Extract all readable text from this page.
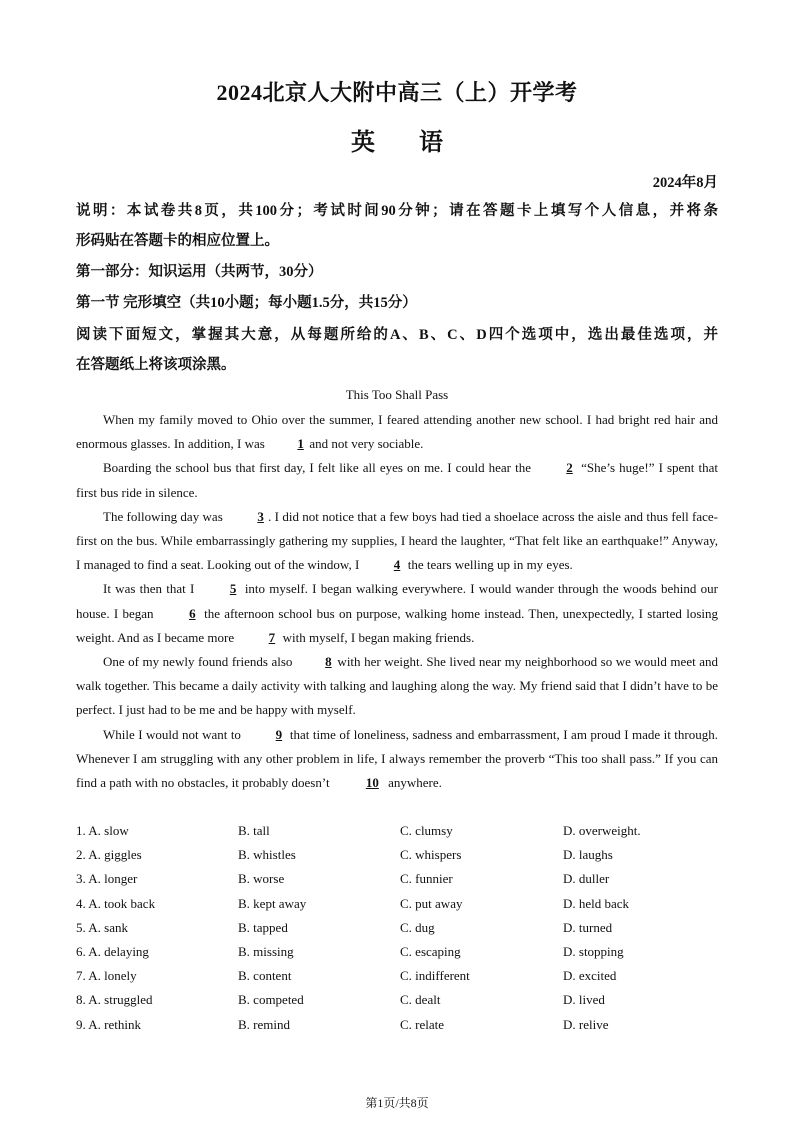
2024北京人大附中高三（上）开学考
英 语
2024年8月
说明：本试卷共8页，共100分；考试时间90分钟；请在答题卡上填写个人信息，并将条
形码贴在答题卡的相应位置上。
第一部分：知识运用（共两节，30分）
第一节 完形填空（共10小题；每小题1.5分，共15分）
阅读下面短文，掌握其大意，从每题所给的A、B、C、D四个选项中，选出最佳选项，并
在答题纸上将该项涂黑。
This Too Shall Pass

When my family moved to Ohio over the summer, I feared attending another new school. I had bright red hair and enormous glasses. In addition, I was 1 and not very sociable.

Boarding the school bus that first day, I felt like all eyes on me. I could hear the 2 “She’s huge!” I spent that first bus ride in silence.

The following day was 3 . I did not notice that a few boys had tied a shoelace across the aisle and thus fell face-first on the bus. While embarrassingly gathering my supplies, I heard the laughter, “That felt like an earthquake!” Anyway, I managed to find a seat. Looking out of the window, I 4 the tears welling up in my eyes.

It was then that I 5 into myself. I began walking everywhere. I would wander through the woods behind our house. I began 6 the afternoon school bus on purpose, walking home instead. Then, unexpectedly, I started losing weight. And as I became more 7 with myself, I began making friends.

One of my newly found friends also 8 with her weight. She lived near my neighborhood so we would meet and walk together. This became a daily activity with talking and laughing along the way. My friend said that I didn’t have to be perfect. I just had to be me and be happy with myself.

While I would not want to 9 that time of loneliness, sadness and embarrassment, I am proud I made it through. Whenever I am struggling with any other problem in life, I always remember the proverb “This too shall pass.” If you can find a path with no obstacles, it probably doesn’t	10 anywhere.

1. A. slow	B. tall	C. clumsy	D. overweight.
2. A. giggles	B. whistles	C. whispers	D. laughs
3. A. longer	B. worse	C. funnier	D. duller
4. A. took back	B. kept away	C. put away	D. held back
5. A. sank	B. tapped	C. dug	D. turned
6. A. delaying	B. missing	C. escaping	D. stopping
7. A. lonely	B. content	C. indifferent	D. excited
8. A. struggled	B. competed	C. dealt	D. lived
9. A. rethink	B. remind	C. relate	D. relive
第1页/共8页
